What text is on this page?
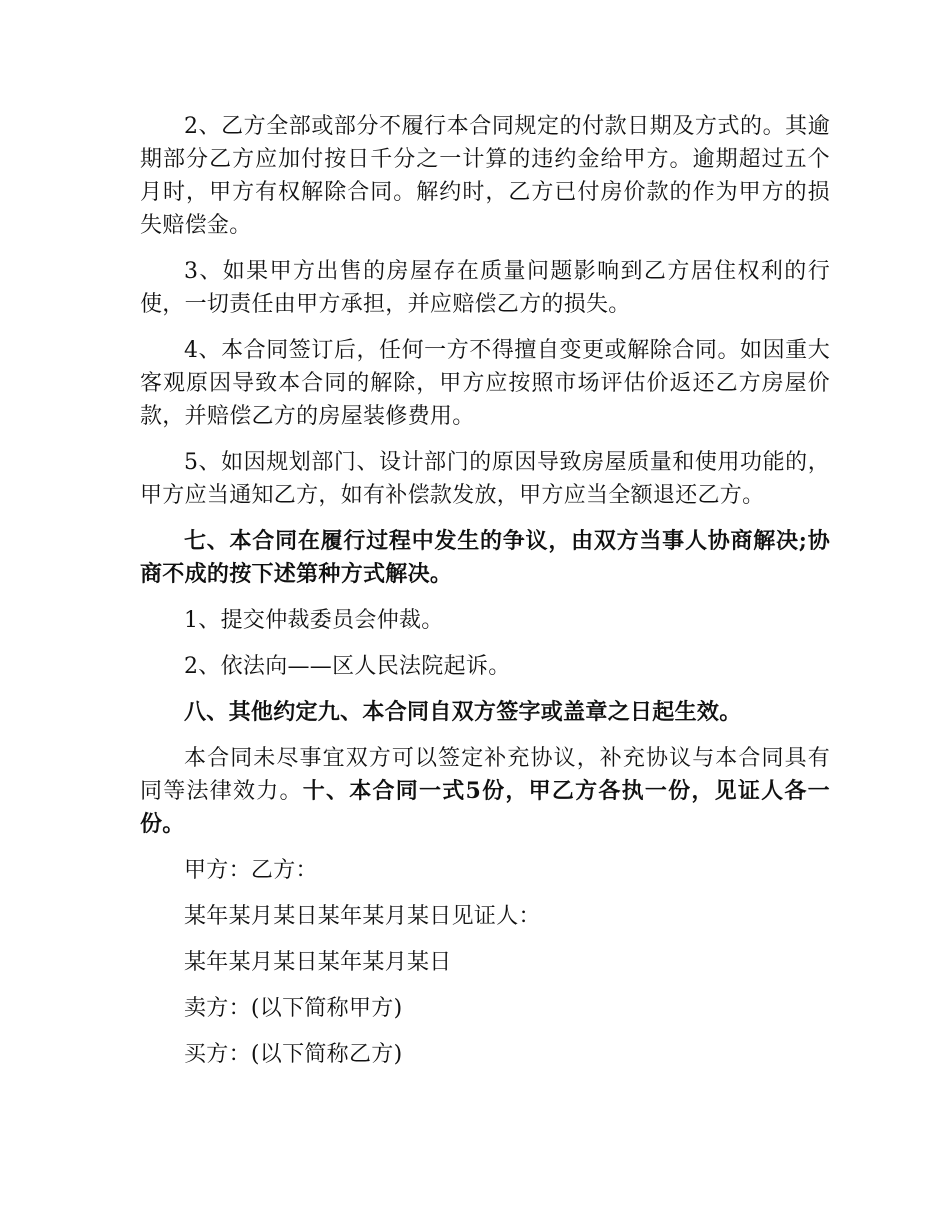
2、乙方全部或部分不履行本合同规定的付款日期及方式的。其逾期部分乙方应加付按日千分之一计算的违约金给甲方。逾期超过五个月时，甲方有权解除合同。解约时，乙方已付房价款的作为甲方的损失赔偿金。

3、如果甲方出售的房屋存在质量问题影响到乙方居住权利的行使，一切责任由甲方承担，并应赔偿乙方的损失。

4、本合同签订后，任何一方不得擅自变更或解除合同。如因重大客观原因导致本合同的解除，甲方应按照市场评估价返还乙方房屋价款，并赔偿乙方的房屋装修费用。

5、如因规划部门、设计部门的原因导致房屋质量和使用功能的，甲方应当通知乙方，如有补偿款发放，甲方应当全额退还乙方。

七、本合同在履行过程中发生的争议，由双方当事人协商解决;协商不成的按下述第种方式解决。

1、提交仲裁委员会仲裁。

2、依法向——区人民法院起诉。

八、其他约定九、本合同自双方签字或盖章之日起生效。

本合同未尽事宜双方可以签定补充协议，补充协议与本合同具有同等法律效力。十、本合同一式5份，甲乙方各执一份，见证人各一份。

甲方：乙方：

某年某月某日某年某月某日见证人：

某年某月某日某年某月某日

卖方：(以下简称甲方)

买方：(以下简称乙方)
